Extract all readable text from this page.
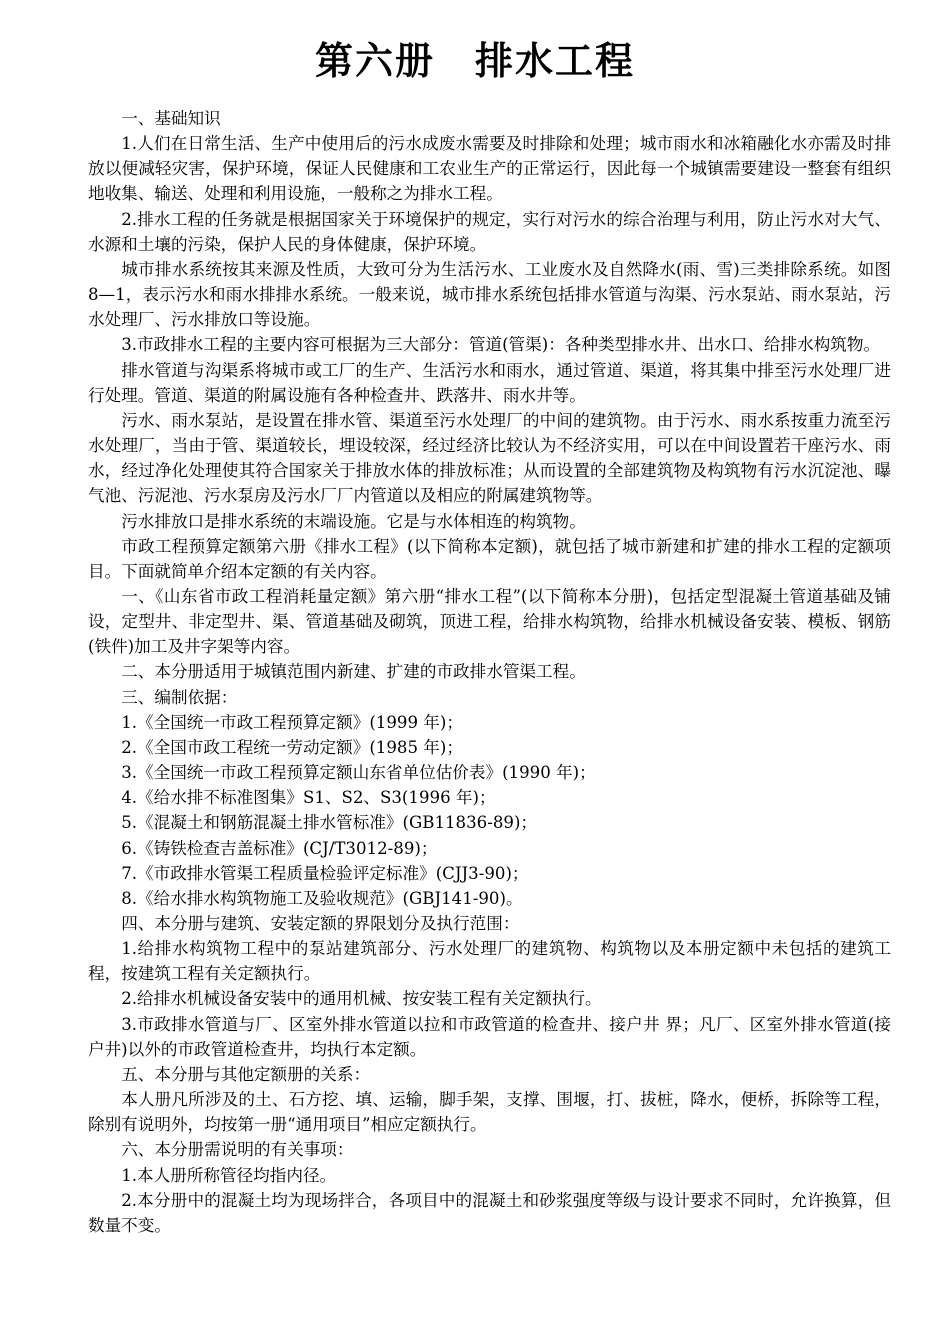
第六册　排水工程

一、基础知识

1.人们在日常生活、生产中使用后的污水成废水需要及时排除和处理；城市雨水和冰箱融化水亦需及时排放以便减轻灾害，保护环境，保证人民健康和工农业生产的正常运行，因此每一个城镇需要建设一整套有组织地收集、输送、处理和利用设施，一般称之为排水工程。

2.排水工程的任务就是根据国家关于环境保护的规定，实行对污水的综合治理与利用，防止污水对大气、水源和土壤的污染，保护人民的身体健康，保护环境。

城市排水系统按其来源及性质，大致可分为生活污水、工业废水及自然降水(雨、雪)三类排除系统。如图 8—1，表示污水和雨水排排水系统。一般来说，城市排水系统包括排水管道与沟渠、污水泵站、雨水泵站，污水处理厂、污水排放口等设施。

3.市政排水工程的主要内容可根据为三大部分：管道(管渠)：各种类型排水井、出水口、给排水构筑物。

排水管道与沟渠系将城市或工厂的生产、生活污水和雨水，通过管道、渠道，将其集中排至污水处理厂进行处理。管道、渠道的附属设施有各种检查井、跌落井、雨水井等。

污水、雨水泵站，是设置在排水管、渠道至污水处理厂的中间的建筑物。由于污水、雨水系按重力流至污水处理厂，当由于管、渠道较长，埋设较深，经过经济比较认为不经济实用，可以在中间设置若干座污水、雨水，经过净化处理使其符合国家关于排放水体的排放标准；从而设置的全部建筑物及构筑物有污水沉淀池、曝气池、污泥池、污水泵房及污水厂厂内管道以及相应的附属建筑物等。

污水排放口是排水系统的末端设施。它是与水体相连的构筑物。

市政工程预算定额第六册《排水工程》(以下简称本定额)，就包括了城市新建和扩建的排水工程的定额项目。下面就简单介绍本定额的有关内容。

一、《山东省市政工程消耗量定额》第六册“排水工程”(以下简称本分册)，包括定型混凝土管道基础及铺设，定型井、非定型井、渠、管道基础及砌筑，顶进工程，给排水构筑物，给排水机械设备安装、模板、钢筋(铁件)加工及井字架等内容。

二、本分册适用于城镇范围内新建、扩建的市政排水管渠工程。

三、编制依据：

1.《全国统一市政工程预算定额》(1999 年)；

2.《全国市政工程统一劳动定额》(1985 年)；

3.《全国统一市政工程预算定额山东省单位估价表》(1990 年)；

4.《给水排不标准图集》S1、S2、S3(1996 年)；

5.《混凝土和钢筋混凝土排水管标准》(GB11836-89)；

6.《铸铁检查吉盖标准》(CJ/T3012-89)；

7.《市政排水管渠工程质量检验评定标准》(CJJ3-90)；

8.《给水排水构筑物施工及验收规范》(GBJ141-90)。

四、本分册与建筑、安装定额的界限划分及执行范围：

1.给排水构筑物工程中的泵站建筑部分、污水处理厂的建筑物、构筑物以及本册定额中未包括的建筑工程，按建筑工程有关定额执行。

2.给排水机械设备安装中的通用机械、按安装工程有关定额执行。

3.市政排水管道与厂、区室外排水管道以拉和市政管道的检查井、接户井 界；凡厂、区室外排水管道(接户井)以外的市政管道检查井，均执行本定额。

五、本分册与其他定额册的关系：

本人册凡所涉及的土、石方挖、填、运输，脚手架，支撑、围堰，打、拔桩，降水，便桥，拆除等工程，除别有说明外，均按第一册“通用项目”相应定额执行。

六、本分册需说明的有关事项：

1.本人册所称管径均指内径。

2.本分册中的混凝土均为现场拌合，各项目中的混凝土和砂浆强度等级与设计要求不同时，允许换算，但数量不变。
